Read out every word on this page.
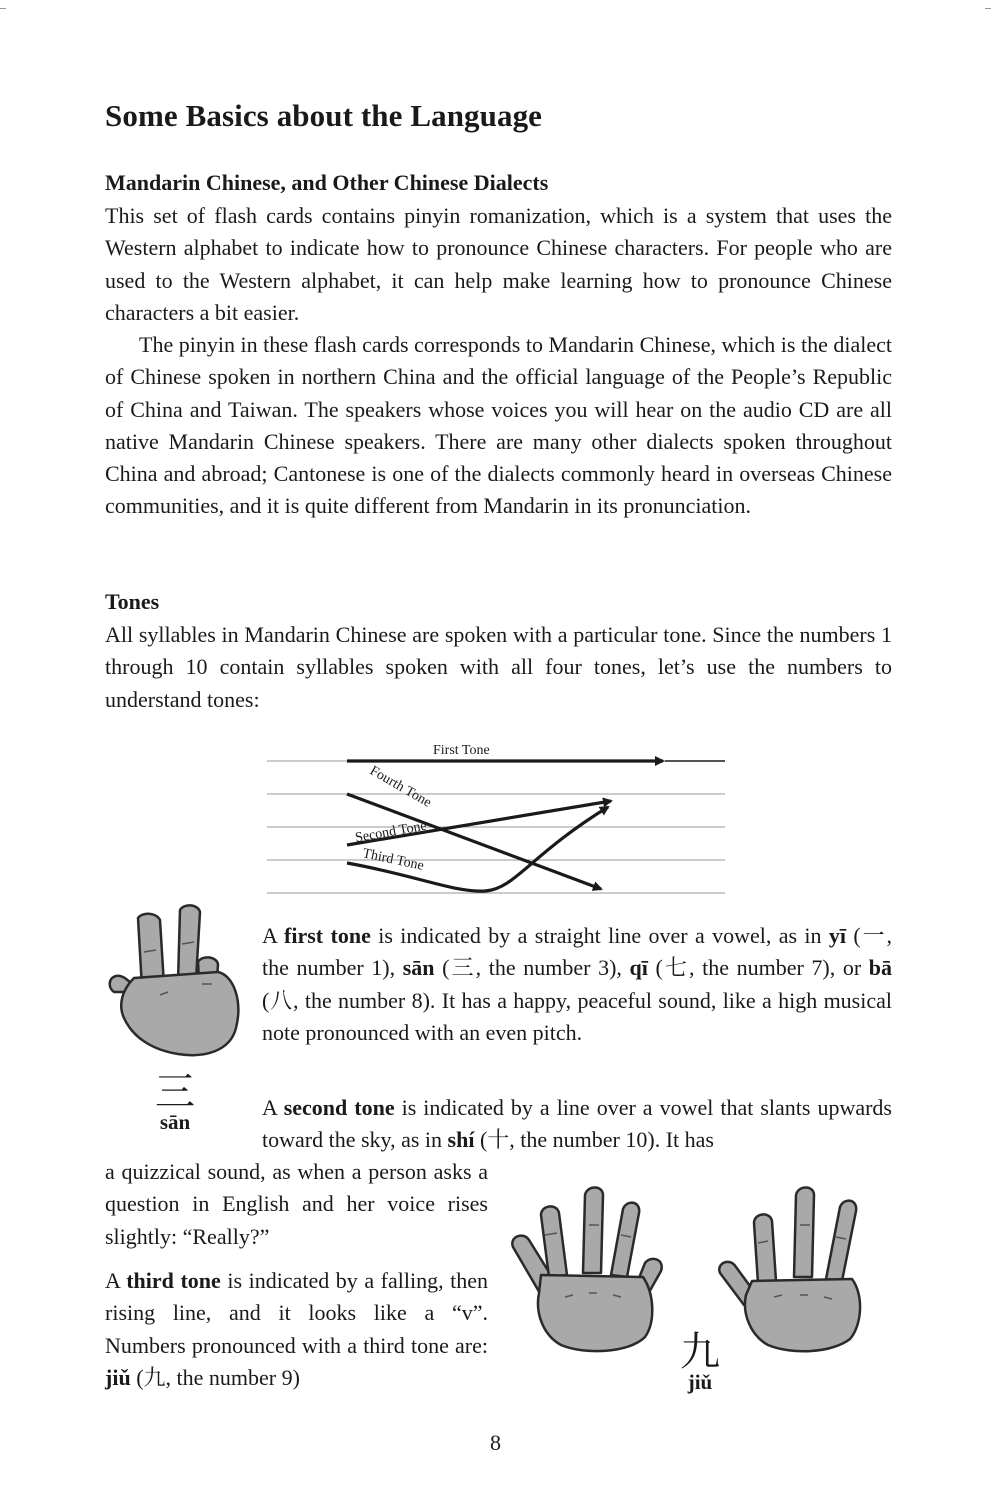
Some Basics about the Language
Mandarin Chinese, and Other Chinese Dialects

This set of flash cards contains pinyin romanization, which is a system that uses the Western alphabet to indicate how to pronounce Chinese characters. For people who are used to the Western alphabet, it can help make learning how to pronounce Chinese characters a bit easier.

The pinyin in these flash cards corresponds to Mandarin Chinese, which is the dialect of Chinese spoken in northern China and the official language of the People’s Republic of China and Taiwan. The speakers whose voices you will hear on the audio CD are all native Mandarin Chinese speakers. There are many other dialects spoken throughout China and abroad; Cantonese is one of the dialects commonly heard in overseas Chinese communities, and it is quite different from Mandarin in its pronunciation.

Tones

All syllables in Mandarin Chinese are spoken with a particular tone. Since the numbers 1 through 10 contain syllables spoken with all four tones, let’s use the numbers to understand tones:

First Tone
Fourth Tone
Second Tone
Third Tone
三
sān

A first tone is indicated by a straight line over a vowel, as in yī (一, the number 1), sān (三, the number 3), qī (七, the number 7), or bā (八, the number 8). It has a happy, peaceful sound, like a high musical note pronounced with an even pitch.

A second tone is indicated by a line over a vowel that slants upwards toward the sky, as in shí (十, the number 10). It has

a quizzical sound, as when a person asks a question in English and her voice rises slightly: “Really?”

A third tone is indicated by a falling, then rising line, and it looks like a “v”. Numbers pronounced with a third tone are: jiǔ (九, the number 9)

九
jiǔ
8
